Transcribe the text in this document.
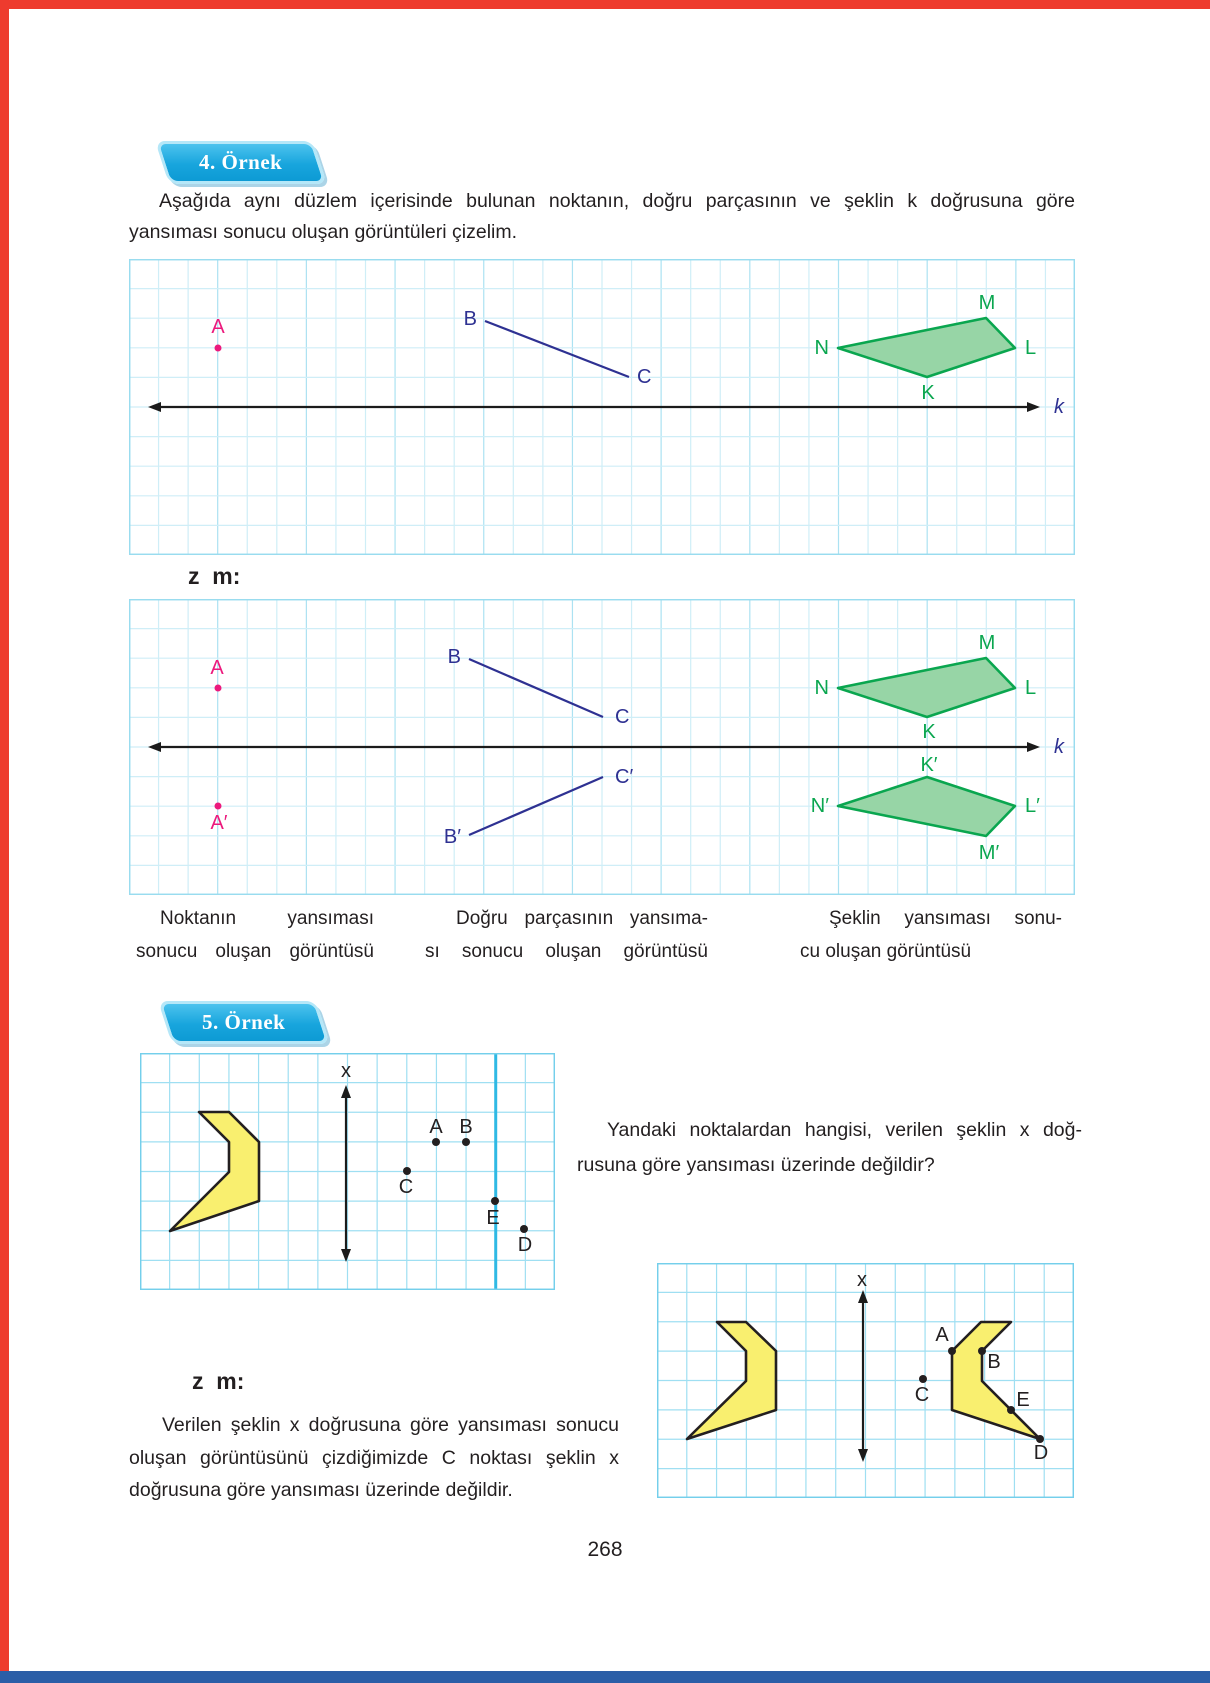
4. Örnek
Aşağıda aynı düzlem içerisinde bulunan noktanın, doğru parçasının ve şeklin k doğrusuna göre
yansıması sonucu oluşan görüntüleri çizelim.
A	B
C
N
M
L
K
k
z  m:
A
A′
B
C
C′
B′
N
M
L
K
K′
N′	L′
M′
k
Noktanın yansıması
sonucu oluşan görüntüsü
Doğru parçasının yansıma-
sı sonucu oluşan görüntüsü
Şeklin yansıması sonu-
cu oluşan görüntüsü
5. Örnek
A B
C
E
D
x
Yandaki noktalardan hangisi, verilen şeklin x doğ-
rusuna göre yansıması üzerinde değildir?
z  m:
Verilen şeklin x doğrusuna göre yansıması sonucu
oluşan görüntüsünü çizdiğimizde C noktası şeklin x
doğrusuna göre yansıması üzerinde değildir.
A
B
C	E
D
x
268
